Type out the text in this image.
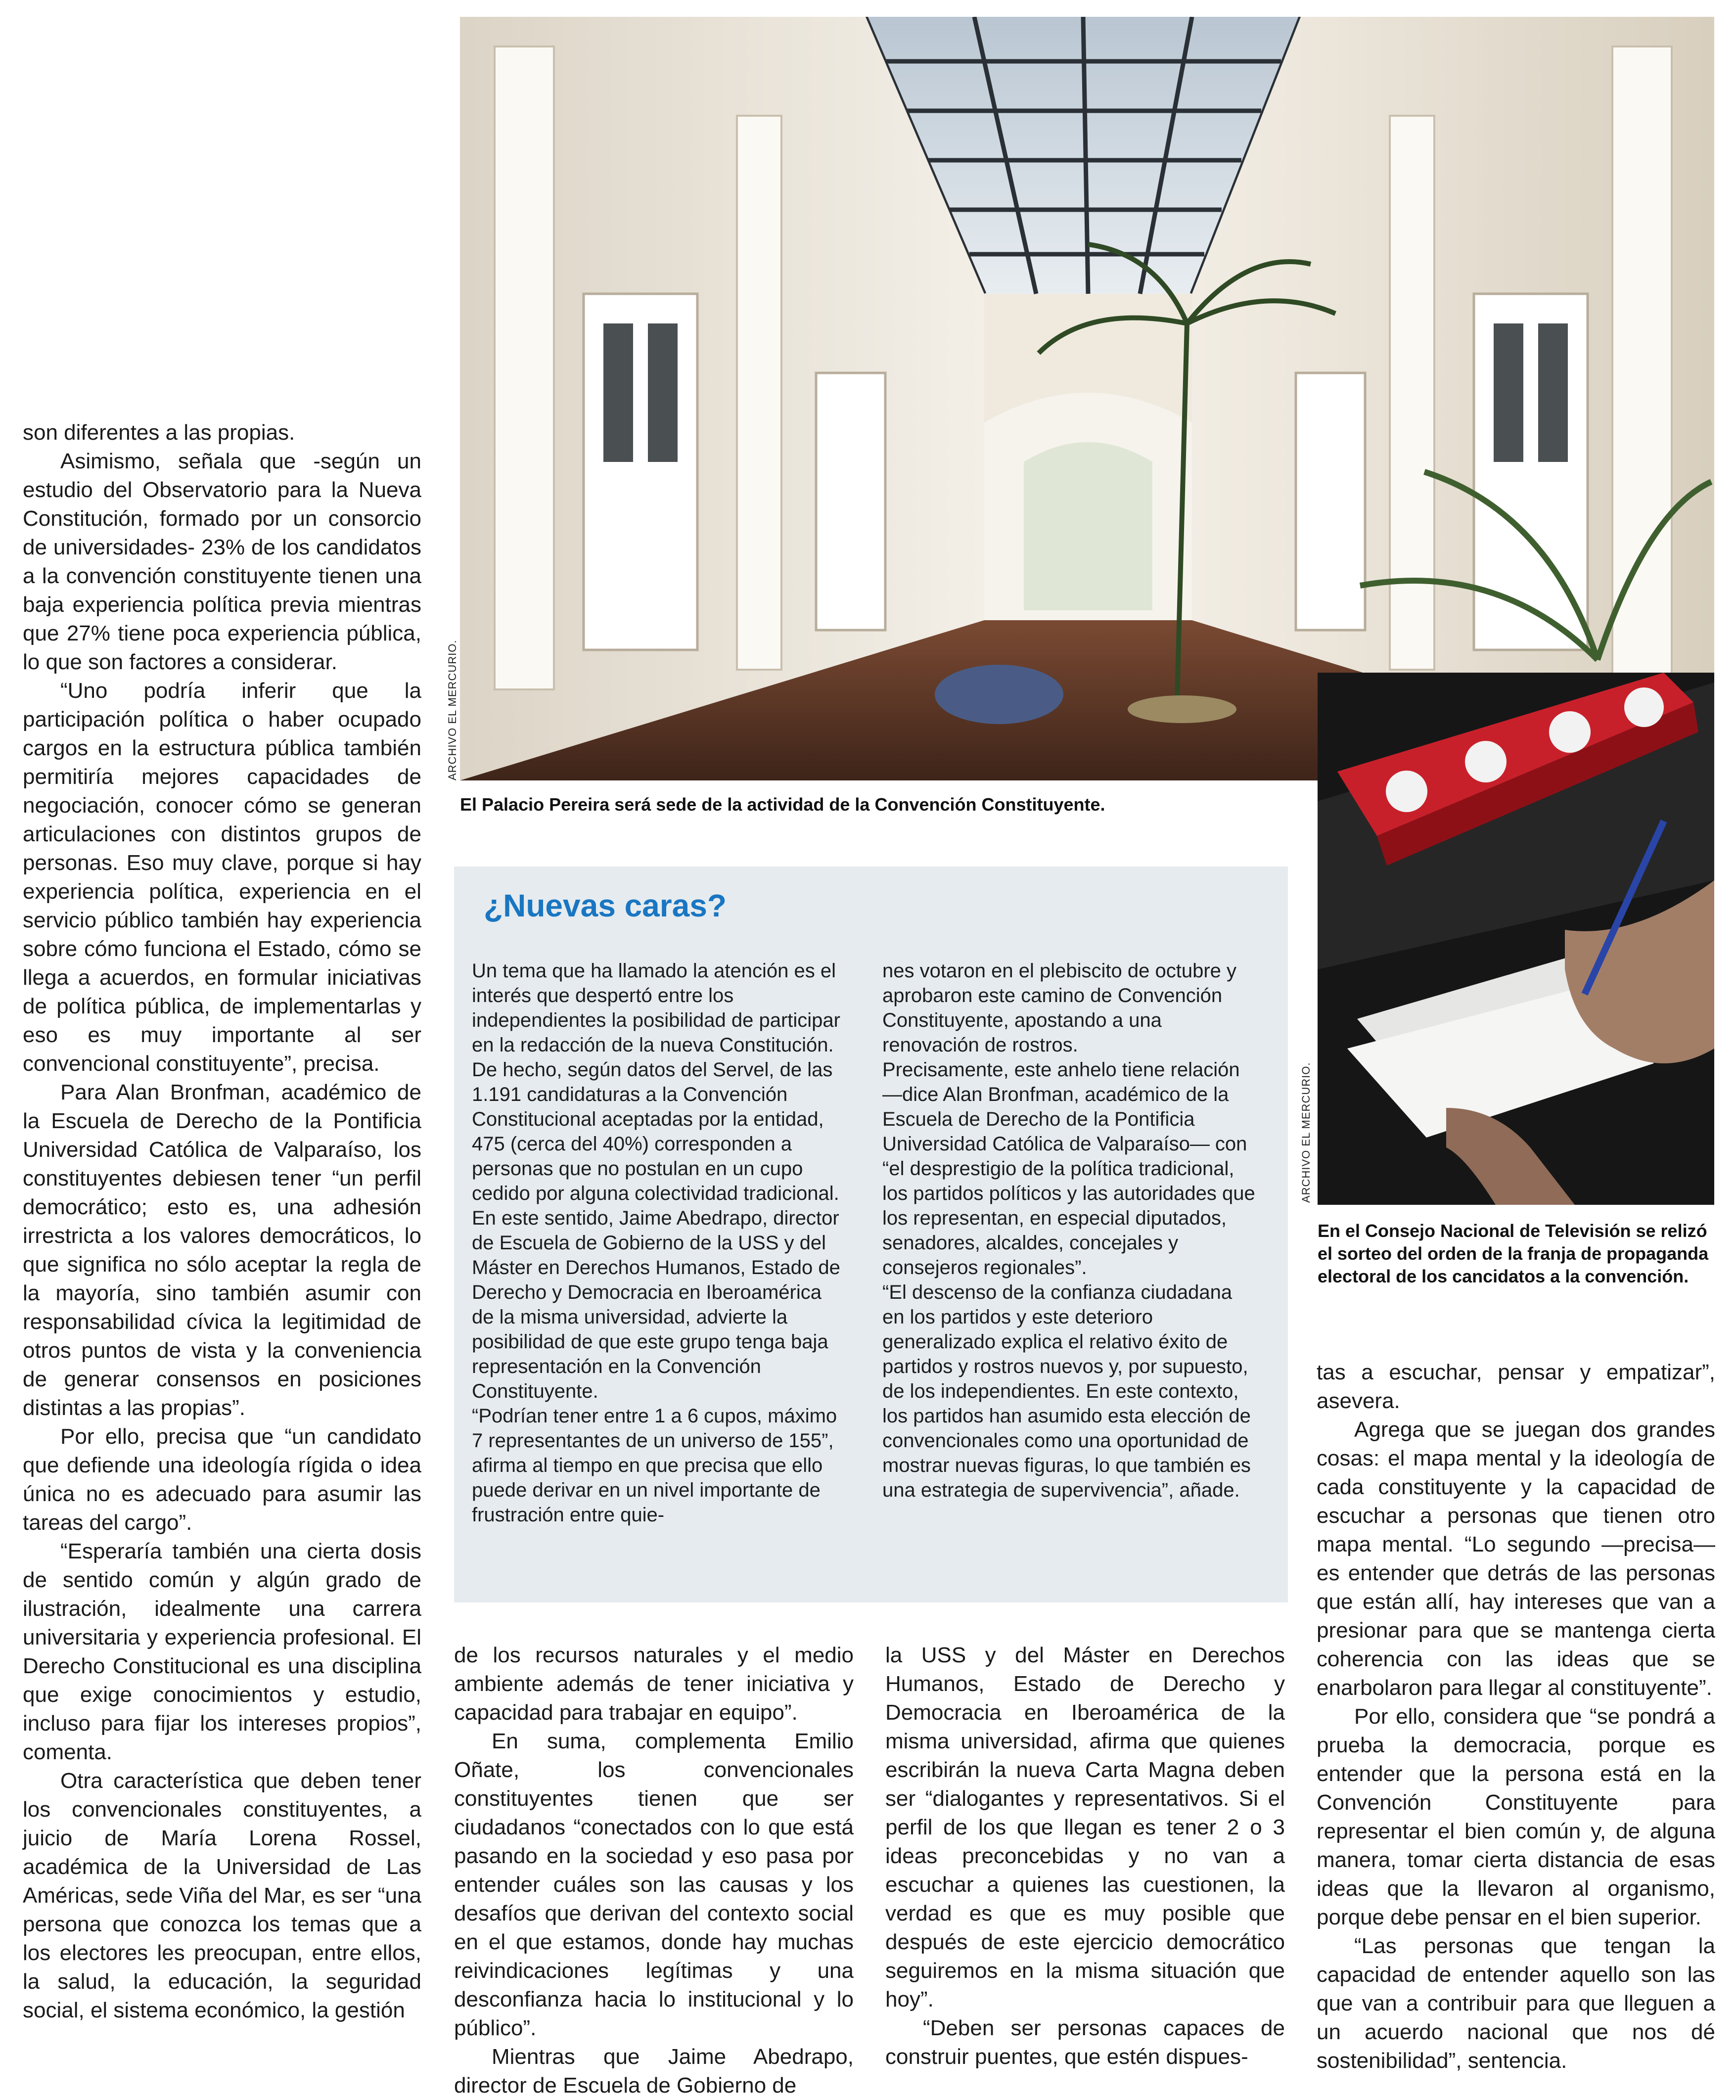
ARCHIVO EL MERCURIO.
El Palacio Pereira será sede de la actividad de la Convención Constituyente.
ARCHIVO EL MERCURIO.
En el Consejo Nacional de Televisión se relizó el sorteo del orden de la franja de propaganda electoral de los cancidatos a la convención.

son diferentes a las propias.

Asimismo, señala que -según un estudio del Observatorio para la Nueva Constitución, formado por un consorcio de universidades- 23% de los candidatos a la convención constituyente tienen una baja experiencia política previa mientras que 27% tiene poca experiencia pública, lo que son factores a considerar.

“Uno podría inferir que la participación política o haber ocupado cargos en la estructura pública también permitiría mejores capacidades de negociación, conocer cómo se generan articulaciones con distintos grupos de personas. Eso muy clave, porque si hay experiencia política, experiencia en el servicio público también hay experiencia sobre cómo funciona el Estado, cómo se llega a acuerdos, en formular iniciativas de política pública, de implementarlas y eso es muy importante al ser convencional constituyente”, precisa.

Para Alan Bronfman, académico de la Escuela de Derecho de la Pontificia Universidad Católica de Valparaíso, los constituyentes debiesen tener “un perfil democrático; esto es, una adhesión irrestricta a los valores democráticos, lo que significa no sólo aceptar la regla de la mayoría, sino también asumir con responsabilidad cívica la legitimidad de otros puntos de vista y la conveniencia de generar consensos en posiciones distintas a las propias”.

Por ello, precisa que “un candidato que defiende una ideología rígida o idea única no es adecuado para asumir las tareas del cargo”.

“Esperaría también una cierta dosis de sentido común y algún grado de ilustración, idealmente una carrera universitaria y experiencia profesional. El Derecho Constitucional es una disciplina que exige conocimientos y estudio, incluso para fijar los intereses propios”, comenta.

Otra característica que deben tener los convencionales constituyentes, a juicio de María Lorena Rossel, académica de la Universidad de Las Américas, sede Viña del Mar, es ser “una persona que conozca los temas que a los electores les preocupan, entre ellos, la salud, la educación, la seguridad social, el sistema económico, la gestión

¿Nuevas caras?

Un tema que ha llamado la atención es el interés que despertó entre los independientes la posibilidad de participar en la redacción de la nueva Constitución. De hecho, según datos del Servel, de las 1.191 candidaturas a la Convención Constitucional aceptadas por la entidad, 475 (cerca del 40%) corresponden a personas que no postulan en un cupo cedido por alguna colectividad tradicional.

En este sentido, Jaime Abedrapo, director de Escuela de Gobierno de la USS y del Máster en Derechos Humanos, Estado de Derecho y Democracia en Iberoamérica de la misma universidad, advierte la posibilidad de que este grupo tenga baja representación en la Convención Constituyente.

“Podrían tener entre 1 a 6 cupos, máximo 7 representantes de un universo de 155”, afirma al tiempo en que precisa que ello puede derivar en un nivel importante de frustración entre quie-

nes votaron en el plebiscito de octubre y aprobaron este camino de Convención Constituyente, apostando a una renovación de rostros.

Precisamente, este anhelo tiene relación —dice Alan Bronfman, académico de la Escuela de Derecho de la Pontificia Universidad Católica de Valparaíso— con “el desprestigio de la política tradicional, los partidos políticos y las autoridades que los representan, en especial diputados, senadores, alcaldes, concejales y consejeros regionales”.

“El descenso de la confianza ciudadana en los partidos y este deterioro generalizado explica el relativo éxito de partidos y rostros nuevos y, por supuesto, de los independientes. En este contexto, los partidos han asumido esta elección de convencionales como una oportunidad de mostrar nuevas figuras, lo que también es una estrategia de supervivencia”, añade.

de los recursos naturales y el medio ambiente además de tener iniciativa y capacidad para trabajar en equipo”.

En suma, complementa Emilio Oñate, los convencionales constituyentes tienen que ser ciudadanos “conectados con lo que está pasando en la sociedad y eso pasa por entender cuáles son las causas y los desafíos que derivan del contexto social en el que estamos, donde hay muchas reivindicaciones legítimas y una desconfianza hacia lo institucional y lo público”.

Mientras que Jaime Abedrapo, director de Escuela de Gobierno de

la USS y del Máster en Derechos Humanos, Estado de Derecho y Democracia en Iberoamérica de la misma universidad, afirma que quienes escribirán la nueva Carta Magna deben ser “dialogantes y representativos. Si el perfil de los que llegan es tener 2 o 3 ideas preconcebidas y no van a escuchar a quienes las cuestionen, la verdad es que es muy posible que después de este ejercicio democrático seguiremos en la misma situación que hoy”.

“Deben ser personas capaces de construir puentes, que estén dispues-

tas a escuchar, pensar y empatizar”, asevera.

Agrega que se juegan dos grandes cosas: el mapa mental y la ideología de cada constituyente y la capacidad de escuchar a personas que tienen otro mapa mental. “Lo segundo —precisa— es entender que detrás de las personas que están allí, hay intereses que van a presionar para que se mantenga cierta coherencia con las ideas que se enarbolaron para llegar al constituyente”.

Por ello, considera que “se pondrá a prueba la democracia, porque es entender que la persona está en la Convención Constituyente para representar el bien común y, de alguna manera, tomar cierta distancia de esas ideas que la llevaron al organismo, porque debe pensar en el bien superior.

“Las personas que tengan la capacidad de entender aquello son las que van a contribuir para que lleguen a un acuerdo nacional que nos dé sostenibilidad”, sentencia.
